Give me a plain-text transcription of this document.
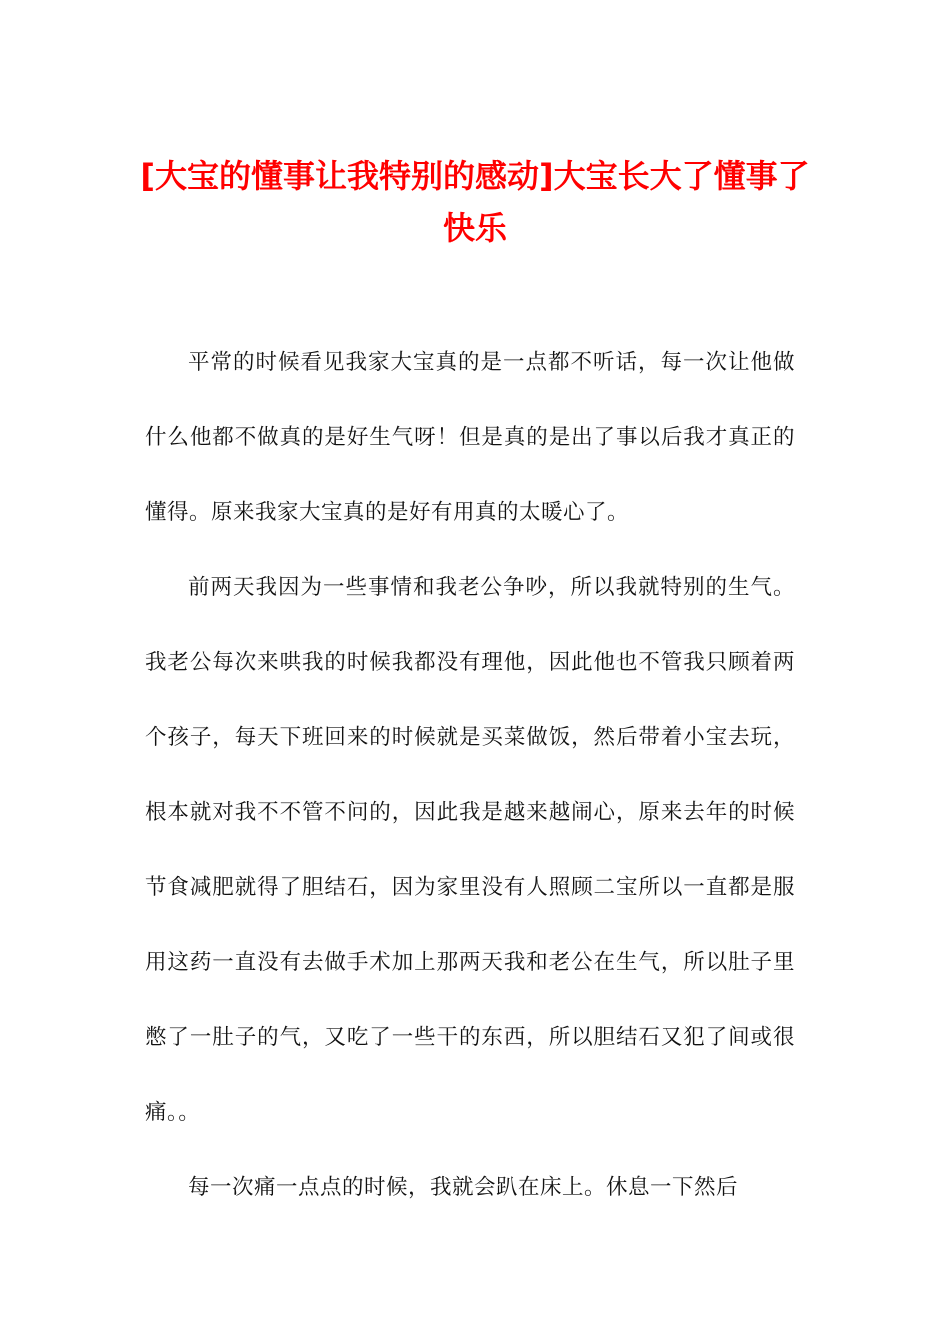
[大宝的懂事让我特别的感动]大宝长大了懂事了快乐

平常的时候看见我家大宝真的是一点都不听话，每一次让他做什么他都不做真的是好生气呀！但是真的是出了事以后我才真正的懂得。原来我家大宝真的是好有用真的太暖心了。

前两天我因为一些事情和我老公争吵，所以我就特别的生气。我老公每次来哄我的时候我都没有理他，因此他也不管我只顾着两个孩子，每天下班回来的时候就是买菜做饭，然后带着小宝去玩，根本就对我不不管不问的，因此我是越来越闹心，原来去年的时候节食减肥就得了胆结石，因为家里没有人照顾二宝所以一直都是服用这药一直没有去做手术加上那两天我和老公在生气，所以肚子里憋了一肚子的气，又吃了一些干的东西，所以胆结石又犯了间或很痛。。

每一次痛一点点的时候，我就会趴在床上。休息一下然后
